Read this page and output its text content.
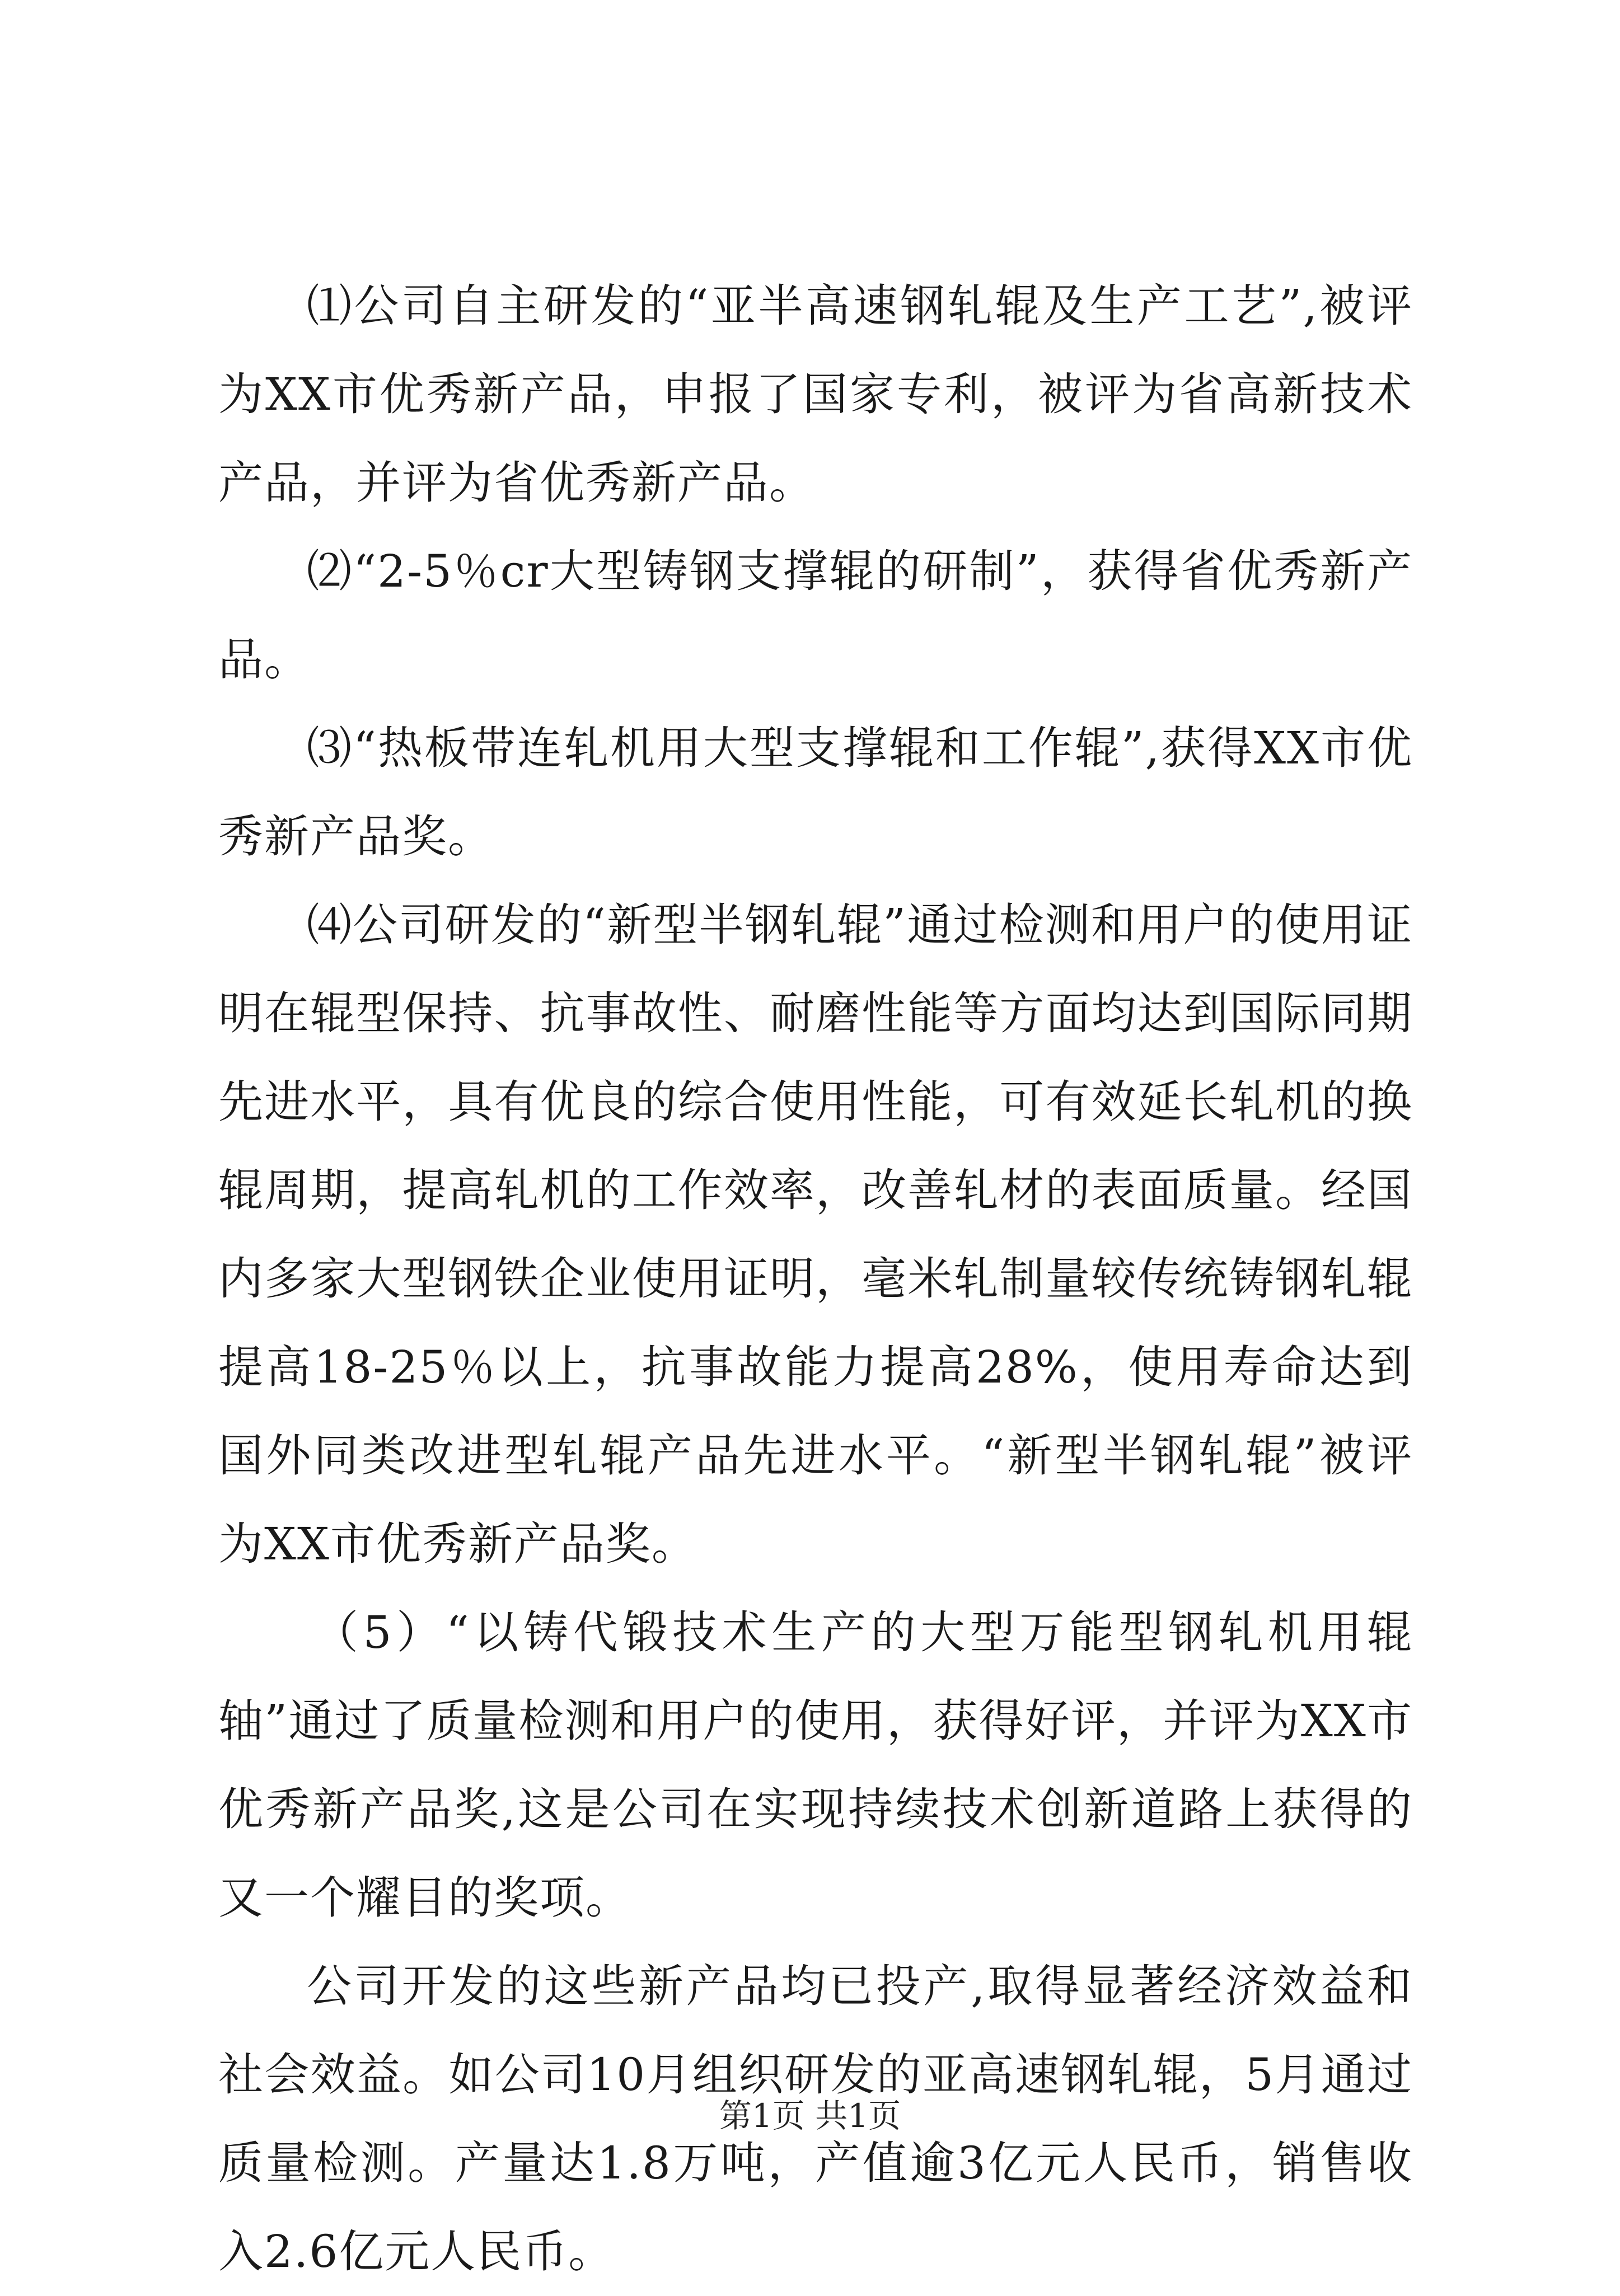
⑴公司自主研发的“亚半高速钢轧辊及生产工艺”,被评为XX市优秀新产品，申报了国家专利，被评为省高新技术产品，并评为省优秀新产品。

⑵“2-5％cr大型铸钢支撑辊的研制”，获得省优秀新产品。

⑶“热板带连轧机用大型支撑辊和工作辊”,获得XX市优秀新产品奖。

⑷公司研发的“新型半钢轧辊”通过检测和用户的使用证明在辊型保持、抗事故性、耐磨性能等方面均达到国际同期先进水平，具有优良的综合使用性能，可有效延长轧机的换辊周期，提高轧机的工作效率，改善轧材的表面质量。经国内多家大型钢铁企业使用证明，毫米轧制量较传统铸钢轧辊提高18-25％以上，抗事故能力提高28%，使用寿命达到国外同类改进型轧辊产品先进水平。“新型半钢轧辊”被评为XX市优秀新产品奖。

（5）“以铸代锻技术生产的大型万能型钢轧机用辊轴”通过了质量检测和用户的使用，获得好评，并评为XX市优秀新产品奖,这是公司在实现持续技术创新道路上获得的又一个耀目的奖项。

公司开发的这些新产品均已投产,取得显著经济效益和社会效益。如公司10月组织研发的亚高速钢轧辊，5月通过质量检测。产量达1.8万吨，产值逾3亿元人民币，销售收入2.6亿元人民币。

第1页 共1页
